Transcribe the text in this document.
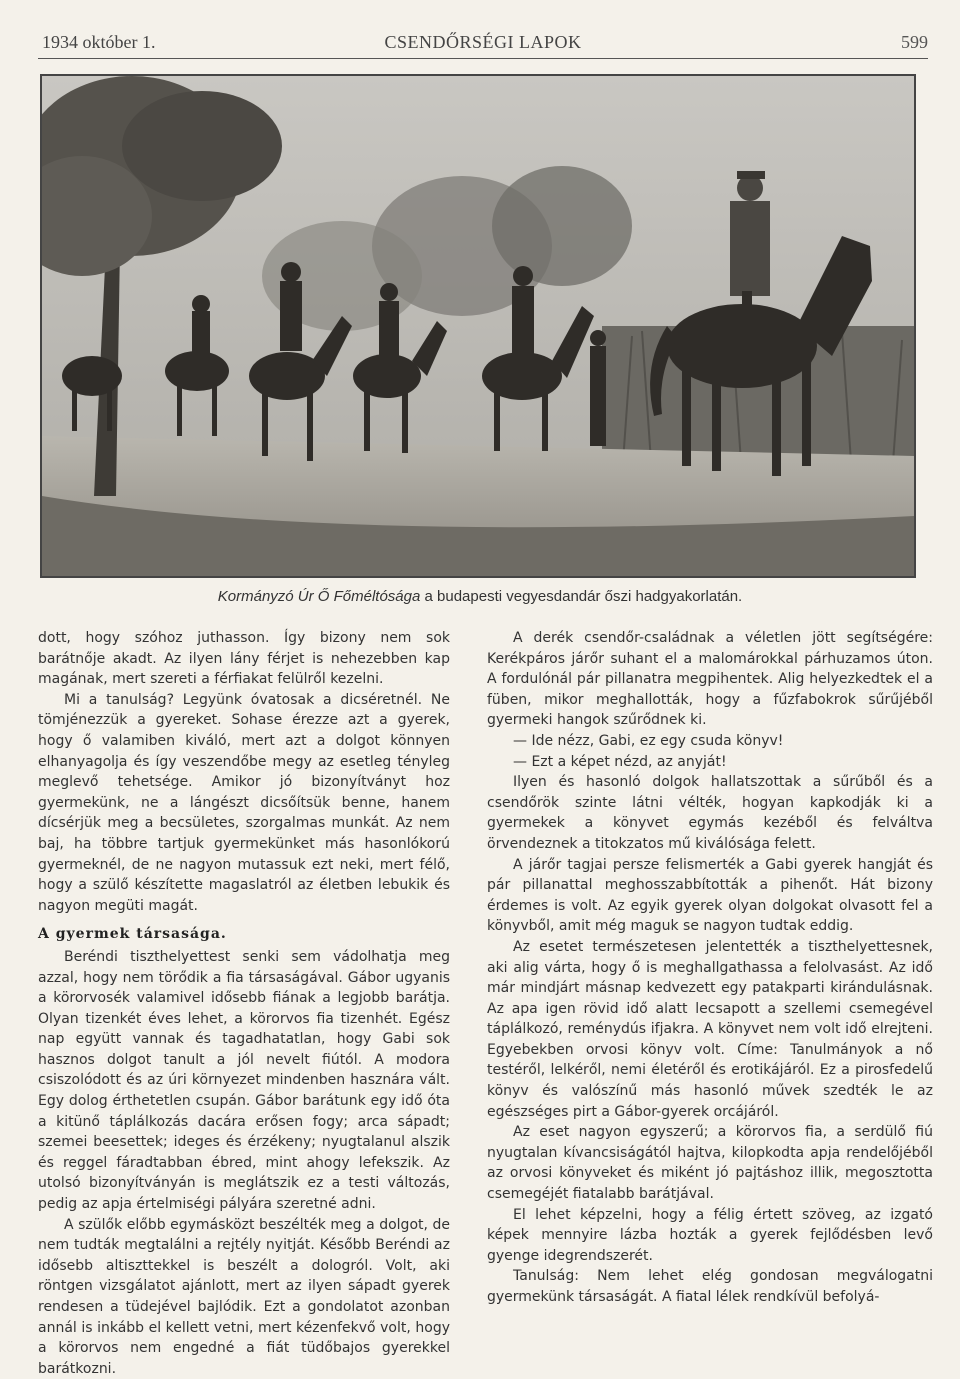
1934 október 1.	CSENDŐRSÉGI LAPOK	599
Kormányzó Úr Ő Főméltósága a budapesti vegyesdandár őszi hadgyakorlatán.

dott, hogy szóhoz juthasson. Így bizony nem sok barátnője akadt. Az ilyen lány férjet is nehezebben kap magának, mert szereti a férfiakat felülről kezelni.

Mi a tanulság? Legyünk óvatosak a dicséretnél. Ne tömjénezzük a gyereket. Sohase érezze azt a gyerek, hogy ő valamiben kiváló, mert azt a dolgot könnyen elhanyagolja és így veszendőbe megy az esetleg tényleg meglevő tehetsége. Amikor jó bizonyítványt hoz gyermekünk, ne a lángészt dicsőítsük benne, hanem dícsérjük meg a becsületes, szorgalmas munkát. Az nem baj, ha többre tartjuk gyermekünket más hasonlókorú gyermeknél, de ne nagyon mutassuk ezt neki, mert félő, hogy a szülő készítette magaslatról az életben lebukik és nagyon megüti magát.

A gyermek társasága.

Beréndi tiszthelyettest senki sem vádolhatja meg azzal, hogy nem törődik a fia társaságával. Gábor ugyanis a körorvosék valamivel idősebb fiának a legjobb barátja. Olyan tizenkét éves lehet, a körorvos fia tizenhét. Egész nap együtt vannak és tagadhatatlan, hogy Gabi sok hasznos dolgot tanult a jól nevelt fiútól. A modora csiszolódott és az úri környezet mindenben hasznára vált. Egy dolog érthetetlen csupán. Gábor barátunk egy idő óta a kitünő táplálkozás dacára erősen fogy; arca sápadt; szemei beesettek; ideges és érzékeny; nyugtalanul alszik és reggel fáradtabban ébred, mint ahogy lefekszik. Az utolsó bizonyítványán is meglátszik ez a testi változás, pedig az apja értelmiségi pályára szeretné adni.

A szülők előbb egymásközt beszélték meg a dolgot, de nem tudták megtalálni a rejtély nyitját. Később Beréndi az idősebb altiszttekkel is beszélt a dologról. Volt, aki röntgen vizsgálatot ajánlott, mert az ilyen sápadt gyerek rendesen a tüdejével bajlódik. Ezt a gondolatot azonban annál is inkább el kellett vetni, mert kézenfekvő volt, hogy a körorvos nem engedné a fiát tüdőbajos gyerekkel barátkozni.

A derék csendőr-családnak a véletlen jött segítségére: Kerékpáros járőr suhant el a malomárokkal párhuzamos úton. A fordulónál pár pillanatra megpihentek. Alig helyezkedtek el a füben, mikor meghallották, hogy a fűzfabokrok sűrűjéből gyermeki hangok szűrődnek ki.

— Ide nézz, Gabi, ez egy csuda könyv!

— Ezt a képet nézd, az anyját!

Ilyen és hasonló dolgok hallatszottak a sűrűből és a csendőrök szinte látni vélték, hogyan kapkodják ki a gyermekek a könyvet egymás kezéből és felváltva örvendeznek a titokzatos mű kiválósága felett.

A járőr tagjai persze felismerték a Gabi gyerek hangját és pár pillanattal meghosszabbították a pihenőt. Hát bizony érdemes is volt. Az egyik gyerek olyan dolgokat olvasott fel a könyvből, amit még maguk se nagyon tudtak eddig.

Az esetet természetesen jelentették a tiszthelyettesnek, aki alig várta, hogy ő is meghallgathassa a felolvasást. Az idő már mindjárt másnap kedvezett egy patakparti kirándulásnak. Az apa igen rövid idő alatt lecsapott a szellemi csemegével táplálkozó, reménydús ifjakra. A könyvet nem volt idő elrejteni. Egyebekben orvosi könyv volt. Címe: Tanulmányok a nő testéről, lelkéről, nemi életéről és erotikájáról. Ez a pirosfedelű könyv és valószínű más hasonló művek szedték le az egészséges pirt a Gábor-gyerek orcájáról.

Az eset nagyon egyszerű; a körorvos fia, a serdülő fiú nyugtalan kívancsiságától hajtva, kilopkodta apja rendelőjéből az orvosi könyveket és miként jó pajtáshoz illik, megosztotta csemegéjét fiatalabb barátjával.

El lehet képzelni, hogy a félig értett szöveg, az izgató képek mennyire lázba hozták a gyerek fejlődésben levő gyenge idegrendszerét.

Tanulság: Nem lehet elég gondosan megválogatni gyermekünk társaságát. A fiatal lélek rendkívül befolyá-
